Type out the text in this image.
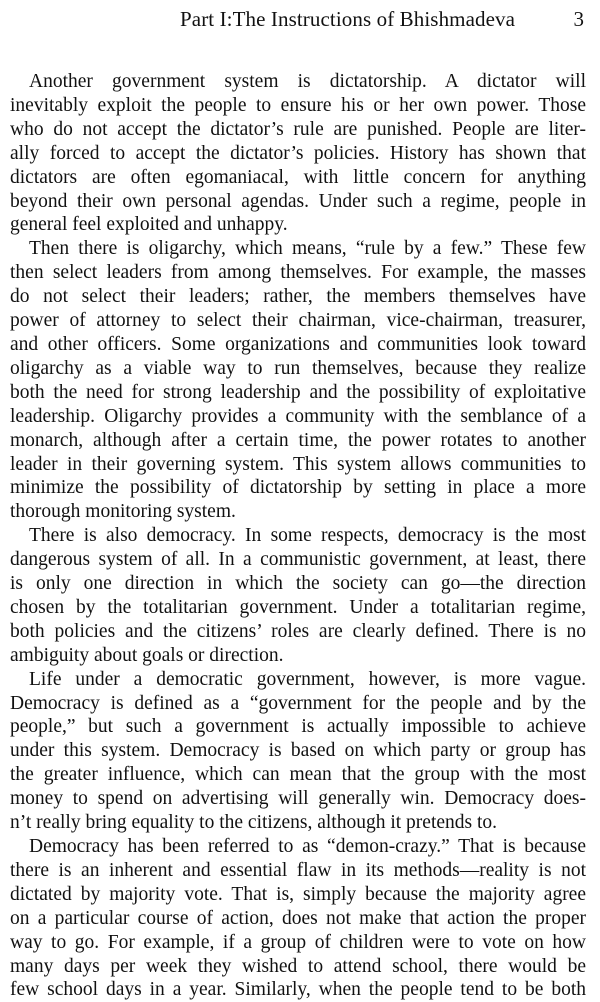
Part I:The Instructions of Bhishmadeva	3
Another government system is dictatorship. A dictator will
inevitably exploit the people to ensure his or her own power. Those
who do not accept the dictator’s rule are punished. People are liter-
ally forced to accept the dictator’s policies. History has shown that
dictators are often egomaniacal, with little concern for anything
beyond their own personal agendas. Under such a regime, people in
general feel exploited and unhappy.
Then there is oligarchy, which means, “rule by a few.” These few
then select leaders from among themselves. For example, the masses
do not select their leaders; rather, the members themselves have
power of attorney to select their chairman, vice-chairman, treasurer,
and other officers. Some organizations and communities look toward
oligarchy as a viable way to run themselves, because they realize
both the need for strong leadership and the possibility of exploitative
leadership. Oligarchy provides a community with the semblance of a
monarch, although after a certain time, the power rotates to another
leader in their governing system. This system allows communities to
minimize the possibility of dictatorship by setting in place a more
thorough monitoring system.
There is also democracy. In some respects, democracy is the most
dangerous system of all. In a communistic government, at least, there
is only one direction in which the society can go—the direction
chosen by the totalitarian government. Under a totalitarian regime,
both policies and the citizens’ roles are clearly defined. There is no
ambiguity about goals or direction.
Life under a democratic government, however, is more vague.
Democracy is defined as a “government for the people and by the
people,” but such a government is actually impossible to achieve
under this system. Democracy is based on which party or group has
the greater influence, which can mean that the group with the most
money to spend on advertising will generally win. Democracy does-
n’t really bring equality to the citizens, although it pretends to.
Democracy has been referred to as “demon-crazy.” That is because
there is an inherent and essential flaw in its methods—reality is not
dictated by majority vote. That is, simply because the majority agree
on a particular course of action, does not make that action the proper
way to go. For example, if a group of children were to vote on how
many days per week they wished to attend school, there would be
few school days in a year. Similarly, when the people tend to be both
